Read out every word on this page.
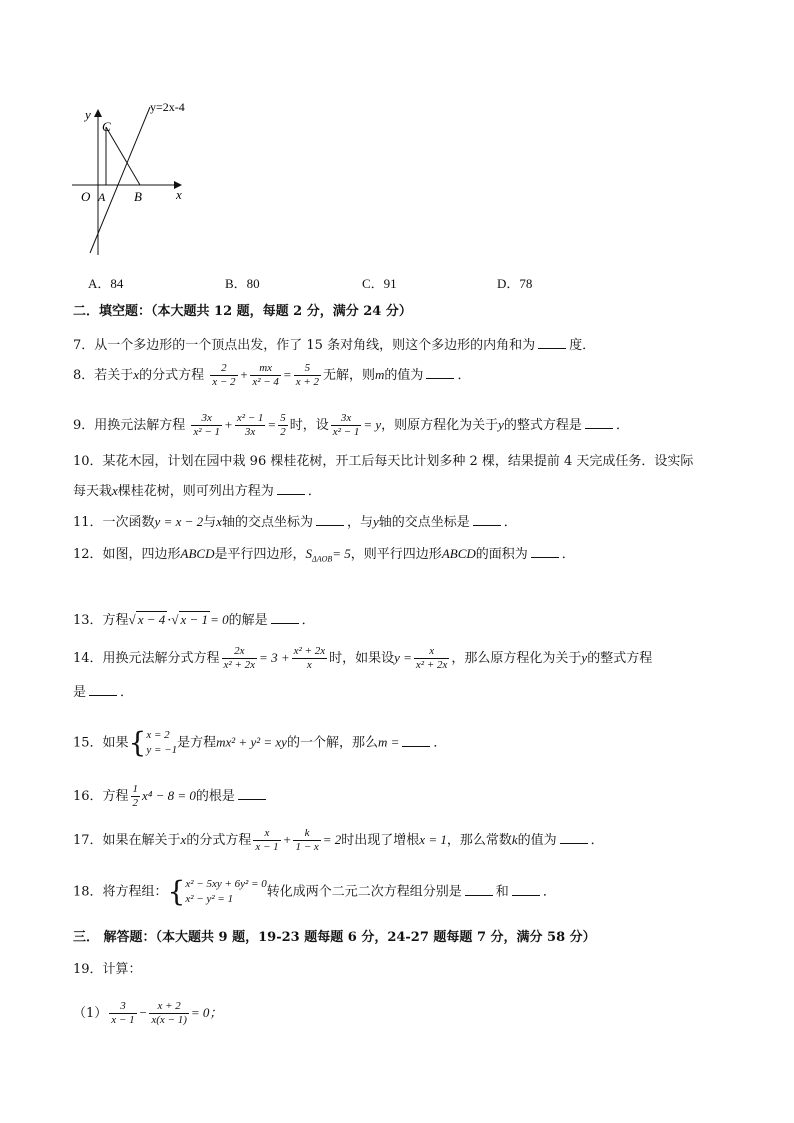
y=2x-4
y
x
O A B
C
A．84	B．80	C．91	D．78
二．填空题：（本大题共 12 题，每题 2 分，满分 24 分）
7．从一个多边形的一个顶点出发，作了 15 条对角线，则这个多边形的内角和为	度．
8．若关于x的分式方程 $\frac{2}{x - 2} + \frac{mx}{\text{x² − 4}} = \frac{5}{x + 2}$ 无解，则m的值为	．
9．用换元法解方程 $\frac{3x}{\text{x² − 1}} + \frac{\text{x² − 1}}{3x} = \frac{5}{2}$ 时，设 $\frac{3x}{\text{x² − 1}} = y$，则原方程化为关于y的整式方程是	．
10．某花木园，计划在园中栽 96 棵桂花树，开工后每天比计划多种 2 棵，结果提前 4 天完成任务．设实际
每天栽x棵桂花树，则可列出方程为	．
11．一次函数y = x − 2与x轴的交点坐标为	，与y轴的交点坐标是	．
12．如图，四边形ABCD是平行四边形，$S_{\Delta AOB}= 5$，则平行四边形ABCD的面积为	．
13．方程√ x − 4 ·√ x − 1 = 0的解是	．
14．用换元法解分式方程 $\frac{2x}{\text{x² + 2x}} = 3 + \frac{\text{x² + 2x}}{x}$ 时，如果设$y = \frac{x}{\text{x² + 2x}}$ ，那么原方程化为关于y的整式方程
是	．
15．如果{ x = 2
y = −1 是方程mx² + y² = xy的一个解，那么m =	．
16．方程 $\frac{1}{2} x^4 - 8 = 0$的根是
17．如果在解关于x的分式方程 $\frac{x}{x - 1} + \frac{k}{1 - x} = 2$时出现了增根x = 1，那么常数k的值为	．
18．将方程组：{ x² − 5xy + 6y² = 0
x² − y² = 1	转化成两个二元二次方程组分别是	和	．
三． 解答题：（本大题共 9 题，19-23 题每题 6 分，24-27 题每题 7 分，满分 58 分）
19．计算：
$(1) \frac{3}{x - 1} - \frac{x + 2}{x(x - 1)} = 0$；
